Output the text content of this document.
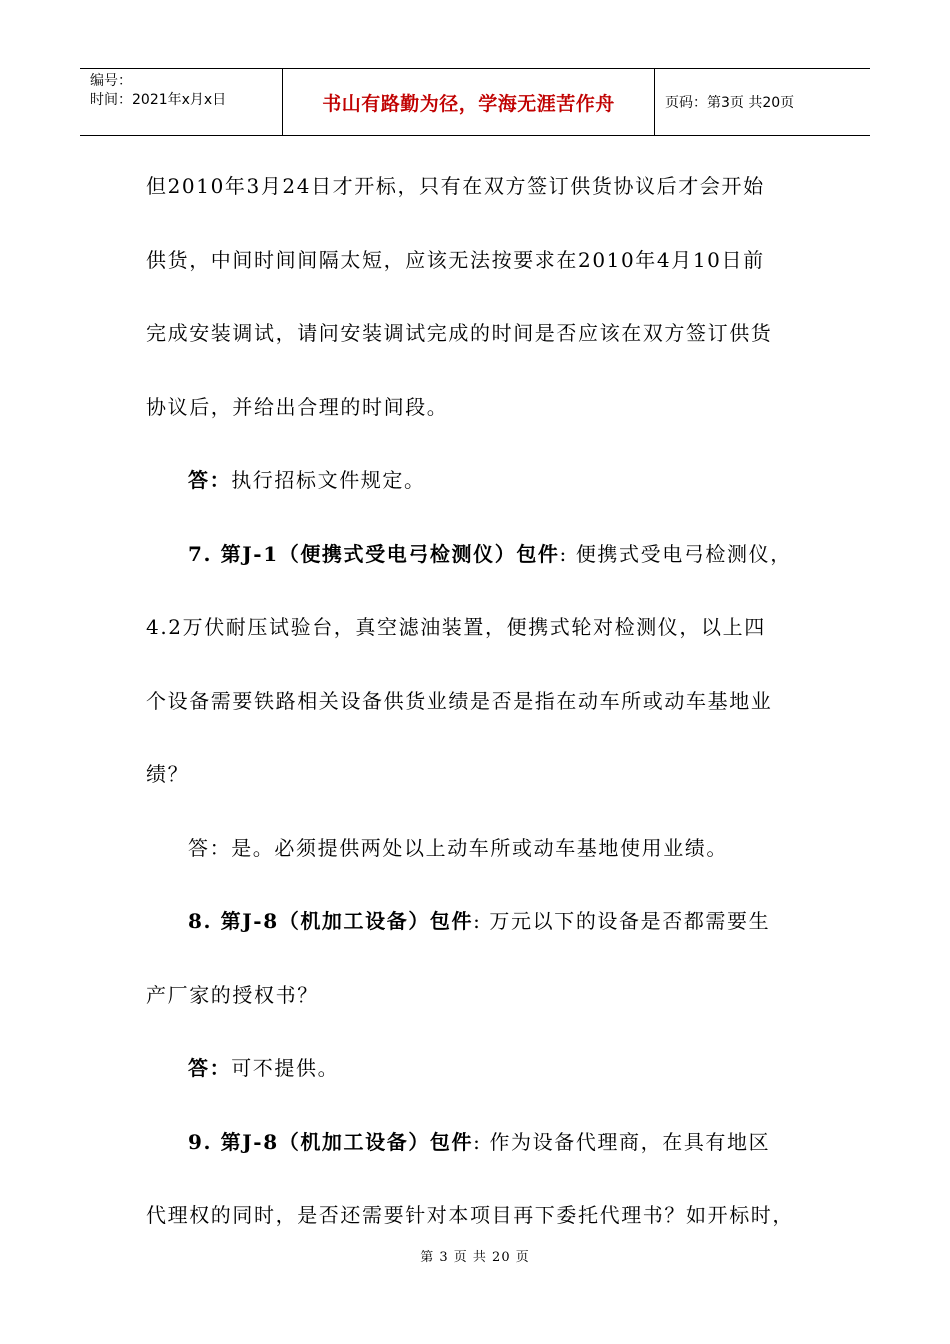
编号：
时间：2021年x月x日	书山有路勤为径，学海无涯苦作舟	页码：第3页 共20页
但2010年3月24日才开标，只有在双方签订供货协议后才会开始
供货，中间时间间隔太短，应该无法按要求在2010年4月10日前
完成安装调试，请问安装调试完成的时间是否应该在双方签订供货
协议后，并给出合理的时间段。
答：执行招标文件规定。
7. 第J-1（便携式受电弓检测仪）包件: 便携式受电弓检测仪，
4.2万伏耐压试验台，真空滤油装置，便携式轮对检测仪，以上四
个设备需要铁路相关设备供货业绩是否是指在动车所或动车基地业
绩？
答：是。必须提供两处以上动车所或动车基地使用业绩。
8. 第J-8（机加工设备）包件: 万元以下的设备是否都需要生
产厂家的授权书？
答：可不提供。
9. 第J-8（机加工设备）包件: 作为设备代理商，在具有地区
代理权的同时，是否还需要针对本项目再下委托代理书？如开标时，
第 3 页 共 20 页
